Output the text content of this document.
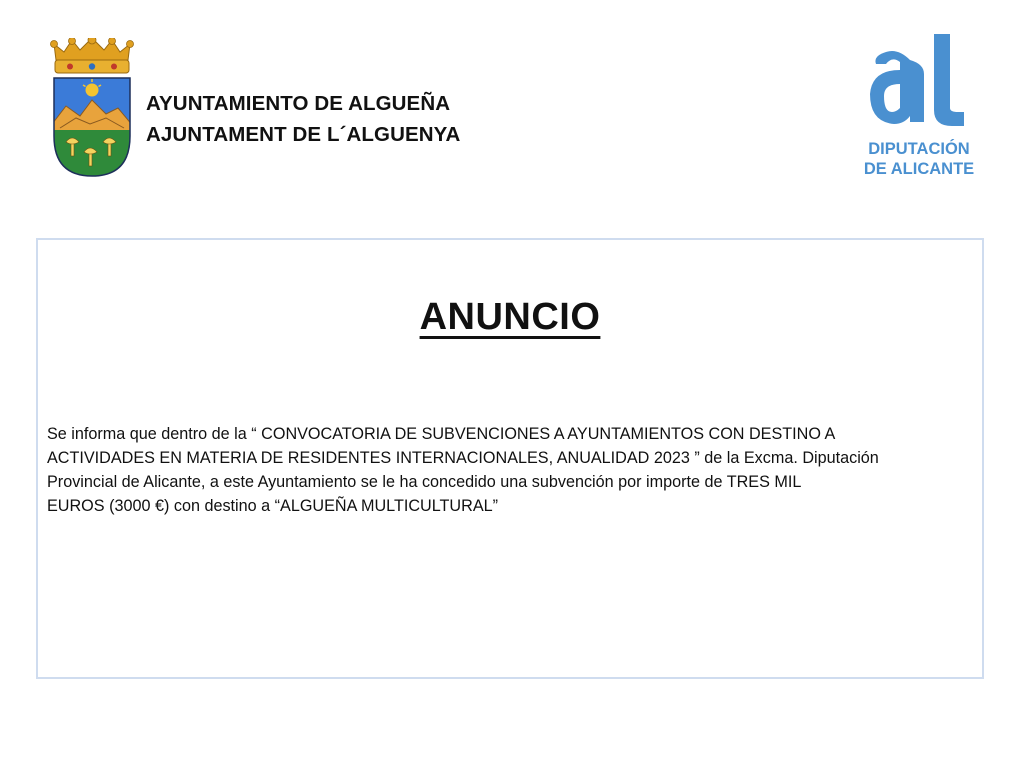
AYUNTAMIENTO DE ALGUEÑA
AJUNTAMENT DE L´ALGUENYA
DIPUTACIÓN
DE ALICANTE
ANUNCIO
Se informa que dentro de la “ CONVOCATORIA DE SUBVENCIONES A AYUNTAMIENTOS CON DESTINO A
ACTIVIDADES EN MATERIA DE RESIDENTES INTERNACIONALES, ANUALIDAD 2023 ” de la Excma. Diputación
Provincial de Alicante, a este Ayuntamiento se le ha concedido una subvención por importe de TRES MIL
EUROS (3000 €) con destino a “ALGUEÑA MULTICULTURAL”
